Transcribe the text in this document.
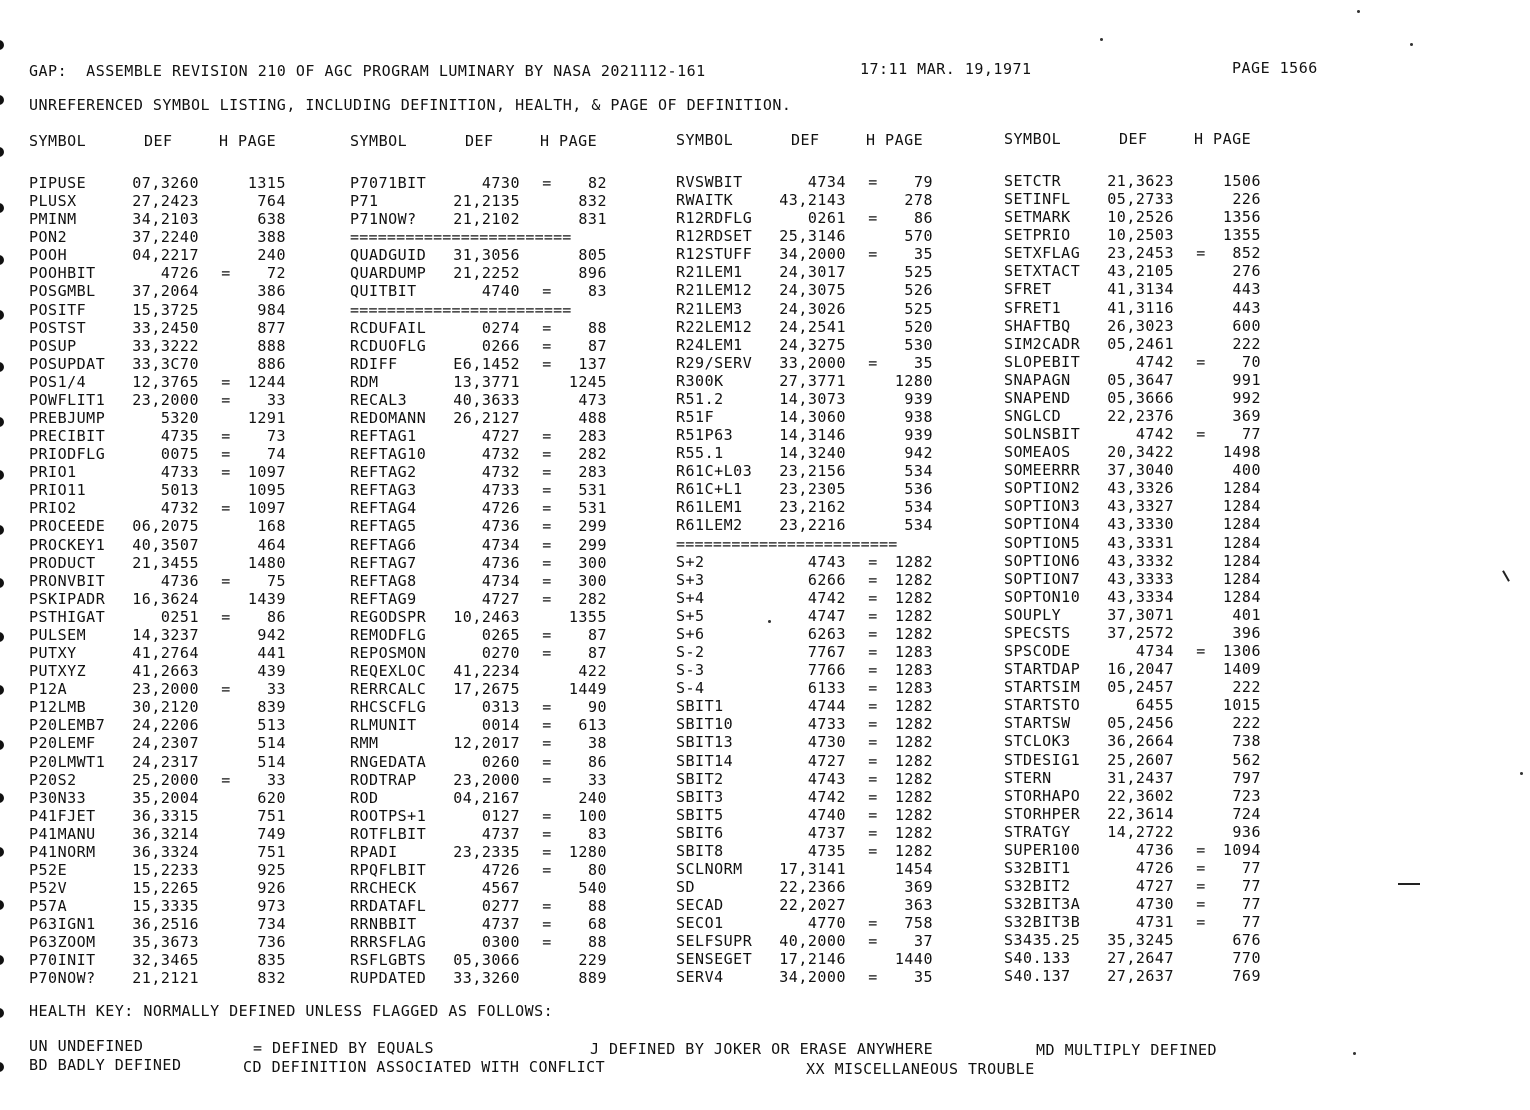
GAP:  ASSEMBLE REVISION 210 OF AGC PROGRAM LUMINARY BY NASA 2021112-161	17:11 MAR. 19,1971	PAGE 1566
UNREFERENCED SYMBOL LISTING, INCLUDING DEFINITION, HEALTH, & PAGE OF DEFINITION.
SYMBOL	DEF	H PAGE
PIPUSE	07,3260	1315
PLUSX	27,2423	764
PMINM	34,2103	638
PON2	37,2240	388
POOH	04,2217	240
POOHBIT	4726 =	72
POSGMBL	37,2064	386
POSITF	15,3725	984
POSTST	33,2450	877
POSUP	33,3222	888
POSUPDAT	33,3C70	886
POS1/4	12,3765 =	1244
POWFLIT1	23,2000 =	33
PREBJUMP	5320	1291
PRECIBIT	4735 =	73
PRIODFLG	0075 =	74
PRIO1	4733 =	1097
PRIO11	5013	1095
PRIO2	4732 =	1097
PROCEEDE	06,2075	168
PROCKEY1	40,3507	464
PRODUCT	21,3455	1480
PRONVBIT	4736 =	75
PSKIPADR	16,3624	1439
PSTHIGAT	0251 =	86
PULSEM	14,3237	942
PUTXY	41,2764	441
PUTXYZ	41,2663	439
P12A	23,2000 =	33
P12LMB	30,2120	839
P20LEMB7	24,2206	513
P20LEMF	24,2307	514
P20LMWT1	24,2317	514
P20S2	25,2000 =	33
P30N33	35,2004	620
P41FJET	36,3315	751
P41MANU	36,3214	749
P41NORM	36,3324	751
P52E	15,2233	925
P52V	15,2265	926
P57A	15,3335	973
P63IGN1	36,2516	734
P63ZOOM	35,3673	736
P70INIT	32,3465	835
P70NOW?	21,2121	832
SYMBOL	DEF	H PAGE
P7071BIT	4730 =	82
P71	21,2135	832
P71NOW?	21,2102	831
========================
QUADGUID	31,3056	805
QUARDUMP	21,2252	896
QUITBIT	4740 =	83
========================
RCDUFAIL	0274 =	88
RCDUOFLG	0266 =	87
RDIFF	E6,1452 =	137
RDM	13,3771	1245
RECAL3	40,3633	473
REDOMANN	26,2127	488
REFTAG1	4727 =	283
REFTAG10	4732 =	282
REFTAG2	4732 =	283
REFTAG3	4733 =	531
REFTAG4	4726 =	531
REFTAG5	4736 =	299
REFTAG6	4734 =	299
REFTAG7	4736 =	300
REFTAG8	4734 =	300
REFTAG9	4727 =	282
REGODSPR	10,2463	1355
REMODFLG	0265 =	87
REPOSMON	0270 =	87
REQEXLOC	41,2234	422
RERRCALC	17,2675	1449
RHCSCFLG	0313 =	90
RLMUNIT	0014 =	613
RMM	12,2017 =	38
RNGEDATA	0260 =	86
RODTRAP	23,2000 =	33
ROD	04,2167	240
ROOTPS+1	0127 =	100
ROTFLBIT	4737 =	83
RPADI	23,2335 =	1280
RPQFLBIT	4726 =	80
RRCHECK	4567	540
RRDATAFL	0277 =	88
RRNBBIT	4737 =	68
RRRSFLAG	0300 =	88
RSFLGBTS	05,3066	229
RUPDATED	33,3260	889
SYMBOL	DEF	H PAGE
RVSWBIT	4734 =	79
RWAITK	43,2143	278
R12RDFLG	0261 =	86
R12RDSET	25,3146	570
R12STUFF	34,2000 =	35
R21LEM1	24,3017	525
R21LEM12	24,3075	526
R21LEM3	24,3026	525
R22LEM12	24,2541	520
R24LEM1	24,3275	530
R29/SERV	33,2000 =	35
R300K	27,3771	1280
R51.2	14,3073	939
R51F	14,3060	938
R51P63	14,3146	939
R55.1	14,3240	942
R61C+L03	23,2156	534
R61C+L1	23,2305	536
R61LEM1	23,2162	534
R61LEM2	23,2216	534
========================
S+2	4743 =	1282
S+3	6266 =	1282
S+4	4742 =	1282
S+5	4747 =	1282
S+6	6263 =	1282
S-2	7767 =	1283
S-3	7766 =	1283
S-4	6133 =	1283
SBIT1	4744 =	1282
SBIT10	4733 =	1282
SBIT13	4730 =	1282
SBIT14	4727 =	1282
SBIT2	4743 =	1282
SBIT3	4742 =	1282
SBIT5	4740 =	1282
SBIT6	4737 =	1282
SBIT8	4735 =	1282
SCLNORM	17,3141	1454
SD	22,2366	369
SECAD	22,2027	363
SECO1	4770 =	758
SELFSUPR	40,2000 =	37
SENSEGET	17,2146	1440
SERV4	34,2000 =	35
SYMBOL	DEF	H PAGE
SETCTR	21,3623	1506
SETINFL	05,2733	226
SETMARK	10,2526	1356
SETPRIO	10,2503	1355
SETXFLAG	23,2453 =	852
SETXTACT	43,2105	276
SFRET	41,3134	443
SFRET1	41,3116	443
SHAFTBQ	26,3023	600
SIM2CADR	05,2461	222
SLOPEBIT	4742 =	70
SNAPAGN	05,3647	991
SNAPEND	05,3666	992
SNGLCD	22,2376	369
SOLNSBIT	4742 =	77
SOMEAOS	20,3422	1498
SOMEERRR	37,3040	400
SOPTION2	43,3326	1284
SOPTION3	43,3327	1284
SOPTION4	43,3330	1284
SOPTION5	43,3331	1284
SOPTION6	43,3332	1284
SOPTION7	43,3333	1284
SOPTON10	43,3334	1284
SOUPLY	37,3071	401
SPECSTS	37,2572	396
SPSCODE	4734 =	1306
STARTDAP	16,2047	1409
STARTSIM	05,2457	222
STARTSTO	6455	1015
STARTSW	05,2456	222
STCLOK3	36,2664	738
STDESIG1	25,2607	562
STERN	31,2437	797
STORHAPO	22,3602	723
STORHPER	22,3614	724
STRATGY	14,2722	936
SUPER100	4736 =	1094
S32BIT1	4726 =	77
S32BIT2	4727 =	77
S32BIT3A	4730 =	77
S32BIT3B	4731 =	77
S3435.25	35,3245	676
S40.133	27,2647	770
S40.137	27,2637	769
HEALTH KEY: NORMALLY DEFINED UNLESS FLAGGED AS FOLLOWS:
UN UNDEFINED	= DEFINED BY EQUALS	J DEFINED BY JOKER OR ERASE ANYWHERE	MD MULTIPLY DEFINED
BD BADLY DEFINED	CD DEFINITION ASSOCIATED WITH CONFLICT	XX MISCELLANEOUS TROUBLE
